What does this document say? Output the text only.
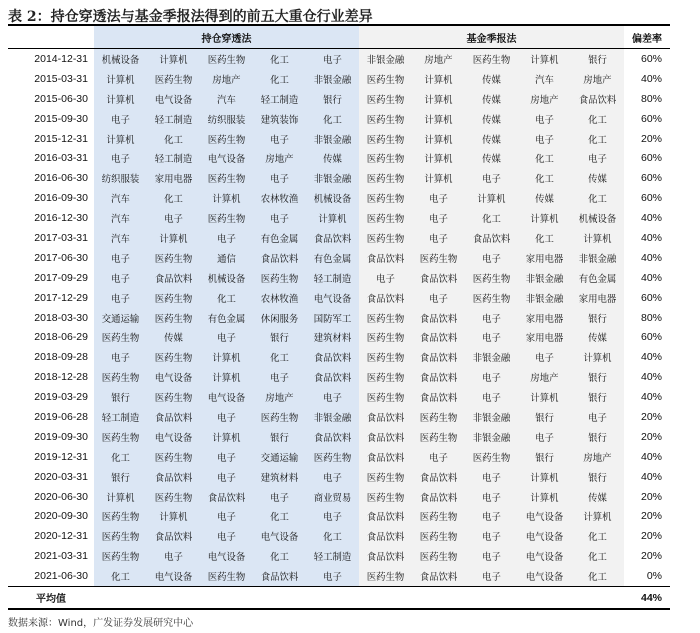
表 2：持仓穿透法与基金季报法得到的前五大重仓行业差异
	持仓穿透法					基金季报法					偏差率
2014-12-31	机械设备	计算机	医药生物	化工	电子	非银金融	房地产	医药生物	计算机	银行	60%
2015-03-31	计算机	医药生物	房地产	化工	非银金融	医药生物	计算机	传媒	汽车	房地产	40%
2015-06-30	计算机	电气设备	汽车	轻工制造	银行	医药生物	计算机	传媒	房地产	食品饮料	80%
2015-09-30	电子	轻工制造	纺织服装	建筑装饰	化工	医药生物	计算机	传媒	电子	化工	60%
2015-12-31	计算机	化工	医药生物	电子	非银金融	医药生物	计算机	传媒	电子	化工	20%
2016-03-31	电子	轻工制造	电气设备	房地产	传媒	医药生物	计算机	传媒	化工	电子	60%
2016-06-30	纺织服装	家用电器	医药生物	电子	非银金融	医药生物	计算机	电子	化工	传媒	60%
2016-09-30	汽车	化工	计算机	农林牧渔	机械设备	医药生物	电子	计算机	传媒	化工	60%
2016-12-30	汽车	电子	医药生物	电子	计算机	医药生物	电子	化工	计算机	机械设备	40%
2017-03-31	汽车	计算机	电子	有色金属	食品饮料	医药生物	电子	食品饮料	化工	计算机	40%
2017-06-30	电子	医药生物	通信	食品饮料	有色金属	食品饮料	医药生物	电子	家用电器	非银金融	40%
2017-09-29	电子	食品饮料	机械设备	医药生物	轻工制造	电子	食品饮料	医药生物	非银金融	有色金属	40%
2017-12-29	电子	医药生物	化工	农林牧渔	电气设备	食品饮料	电子	医药生物	非银金融	家用电器	60%
2018-03-30	交通运输	医药生物	有色金属	休闲服务	国防军工	医药生物	食品饮料	电子	家用电器	银行	80%
2018-06-29	医药生物	传媒	电子	银行	建筑材料	医药生物	食品饮料	电子	家用电器	传媒	60%
2018-09-28	电子	医药生物	计算机	化工	食品饮料	医药生物	食品饮料	非银金融	电子	计算机	40%
2018-12-28	医药生物	电气设备	计算机	电子	食品饮料	医药生物	食品饮料	电子	房地产	银行	40%
2019-03-29	银行	医药生物	电气设备	房地产	电子	医药生物	食品饮料	电子	计算机	银行	40%
2019-06-28	轻工制造	食品饮料	电子	医药生物	非银金融	食品饮料	医药生物	非银金融	银行	电子	20%
2019-09-30	医药生物	电气设备	计算机	银行	食品饮料	食品饮料	医药生物	非银金融	电子	银行	20%
2019-12-31	化工	医药生物	电子	交通运输	医药生物	食品饮料	电子	医药生物	银行	房地产	40%
2020-03-31	银行	食品饮料	电子	建筑材料	电子	医药生物	食品饮料	电子	计算机	银行	40%
2020-06-30	计算机	医药生物	食品饮料	电子	商业贸易	医药生物	食品饮料	电子	计算机	传媒	20%
2020-09-30	医药生物	计算机	电子	化工	电子	食品饮料	医药生物	电子	电气设备	计算机	20%
2020-12-31	医药生物	食品饮料	电子	电气设备	化工	食品饮料	医药生物	电子	电气设备	化工	20%
2021-03-31	医药生物	电子	电气设备	化工	轻工制造	食品饮料	医药生物	电子	电气设备	化工	20%
2021-06-30	化工	电气设备	医药生物	食品饮料	电子	医药生物	食品饮料	电子	电气设备	化工	0%
平均值											44%
数据来源：Wind，广发证券发展研究中心
